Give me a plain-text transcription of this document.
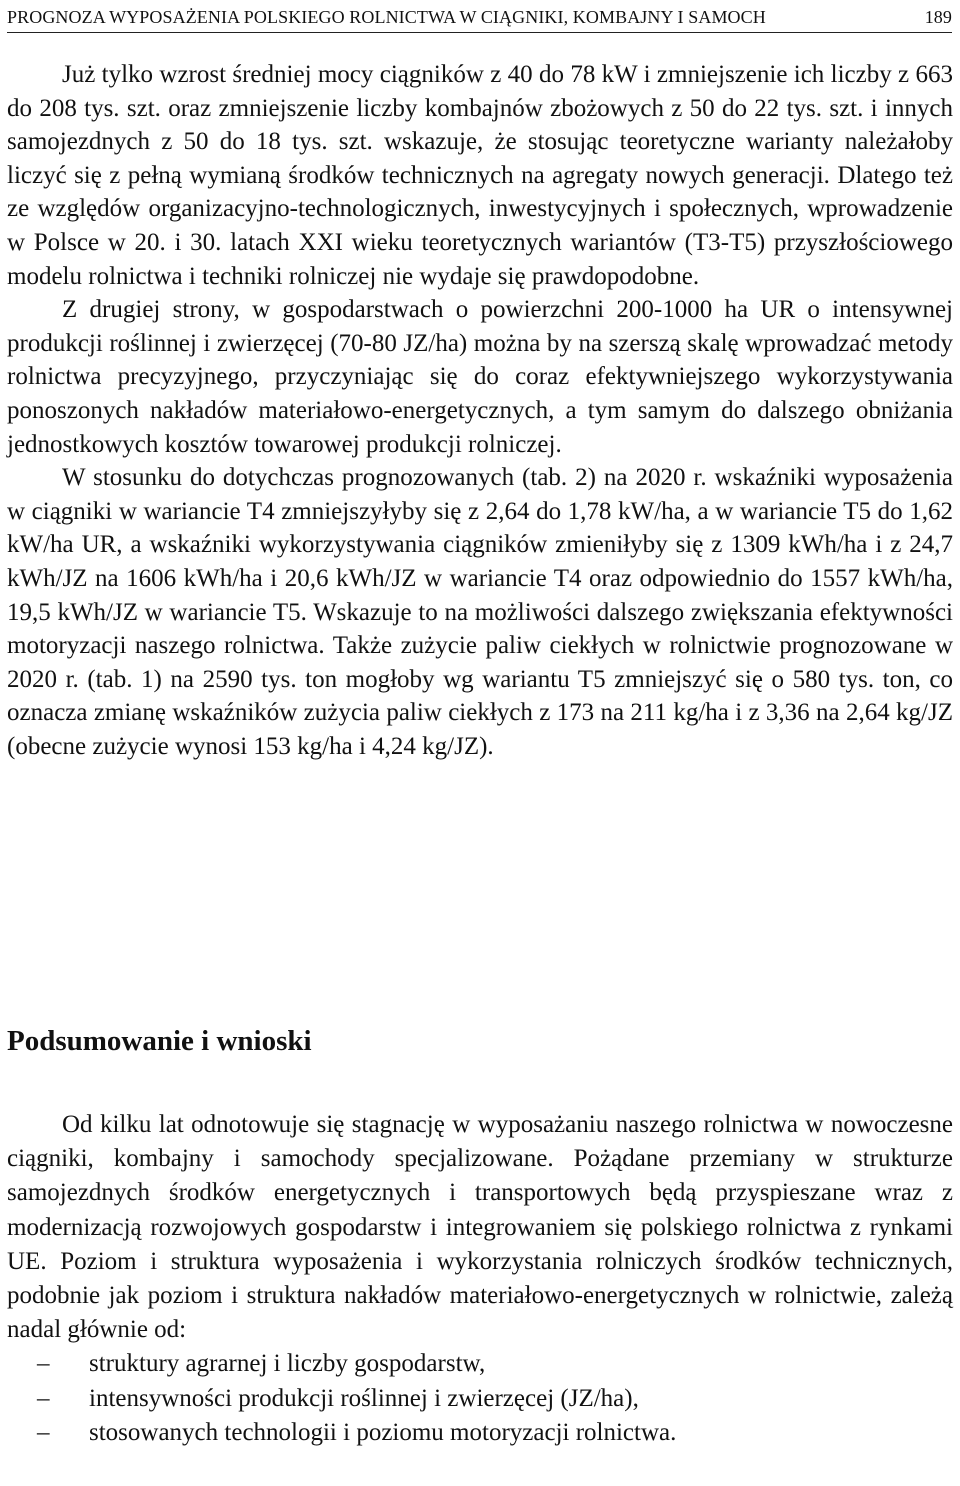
PROGNOZA WYPOSAŻENIA POLSKIEGO ROLNICTWA W CIĄGNIKI, KOMBAJNY I SAMOCH	189

Już tylko wzrost średniej mocy ciągników z 40 do 78 kW i zmniejszenie ich liczby z 663 do 208 tys. szt. oraz zmniejszenie liczby kombajnów zbożowych z 50 do 22 tys. szt. i innych samojezdnych z 50 do 18 tys. szt. wskazuje, że stosując teoretyczne warianty należałoby liczyć się z pełną wymianą środków technicznych na agregaty nowych generacji. Dlatego też ze względów organizacyjno-technologicznych, inwestycyjnych i społecznych, wprowadzenie w Polsce w 20. i 30. latach XXI wieku teoretycznych wariantów (T3-T5) przyszłościowego modelu rolnictwa i techniki rolniczej nie wydaje się prawdopodobne.

Z drugiej strony, w gospodarstwach o powierzchni 200-1000 ha UR o intensywnej produkcji roślinnej i zwierzęcej (70-80 JZ/ha) można by na szerszą skalę wprowadzać metody rolnictwa precyzyjnego, przyczyniając się do coraz efektywniejszego wykorzystywania ponoszonych nakładów materiałowo-energetycznych, a tym samym do dalszego obniżania jednostkowych kosztów towarowej produkcji rolniczej.

W stosunku do dotychczas prognozowanych (tab. 2) na 2020 r. wskaźniki wyposażenia w ciągniki w wariancie T4 zmniejszyłyby się z 2,64 do 1,78 kW/ha, a w wariancie T5 do 1,62 kW/ha UR, a wskaźniki wykorzystywania ciągników zmieniłyby się z 1309 kWh/ha i z 24,7 kWh/JZ na 1606 kWh/ha i 20,6 kWh/JZ w wariancie T4 oraz odpowiednio do 1557 kWh/ha, 19,5 kWh/JZ w wariancie T5. Wskazuje to na możliwości dalszego zwiększania efektywności motoryzacji naszego rolnictwa. Także zużycie paliw ciekłych w rolnictwie prognozowane w 2020 r. (tab. 1) na 2590 tys. ton mogłoby wg wariantu T5 zmniejszyć się o 580 tys. ton, co oznacza zmianę wskaźników zużycia paliw ciekłych z 173 na 211 kg/ha i z 3,36 na 2,64 kg/JZ (obecne zużycie wynosi 153 kg/ha i 4,24 kg/JZ).

Podsumowanie i wnioski

Od kilku lat odnotowuje się stagnację w wyposażaniu naszego rolnictwa w nowoczesne ciągniki, kombajny i samochody specjalizowane. Pożądane przemiany w strukturze samojezdnych środków energetycznych i transportowych będą przyspieszane wraz z modernizacją rozwojowych gospodarstw i integrowaniem się polskiego rolnictwa z rynkami UE. Poziom i struktura wyposażenia i wykorzystania rolniczych środków technicznych, podobnie jak poziom i struktura nakładów materiałowo-energetycznych w rolnictwie, zależą nadal głównie od:

–	struktury agrarnej i liczby gospodarstw,
–	intensywności produkcji roślinnej i zwierzęcej (JZ/ha),
–	stosowanych technologii i poziomu motoryzacji rolnictwa.
